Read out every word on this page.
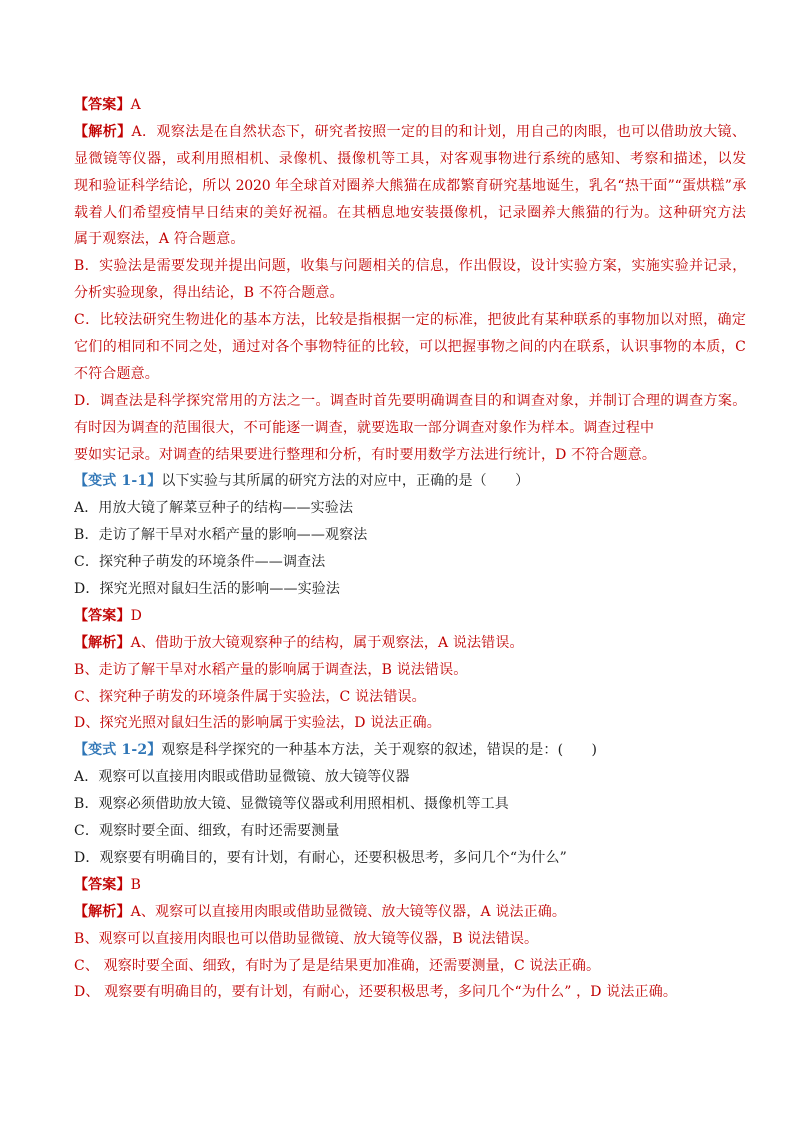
【答案】A
【解析】A．观察法是在自然状态下，研究者按照一定的目的和计划，用自己的肉眼，也可以借助放大镜、
显微镜等仪器，或利用照相机、录像机、摄像机等工具，对客观事物进行系统的感知、考察和描述，以发
现和验证科学结论，所以 2020 年全球首对圈养大熊猫在成都繁育研究基地诞生，乳名“热干面”“蛋烘糕”承
载着人们希望疫情早日结束的美好祝福。在其栖息地安装摄像机，记录圈养大熊猫的行为。这种研究方法
属于观察法，A 符合题意。
B．实验法是需要发现并提出问题，收集与问题相关的信息，作出假设，设计实验方案，实施实验并记录，
分析实验现象，得出结论，B 不符合题意。
C．比较法研究生物进化的基本方法，比较是指根据一定的标准，把彼此有某种联系的事物加以对照，确定
它们的相同和不同之处，通过对各个事物特征的比较，可以把握事物之间的内在联系，认识事物的本质，C
不符合题意。
D．调查法是科学探究常用的方法之一。调查时首先要明确调查目的和调查对象，并制订合理的调查方案。
有时因为调查的范围很大，不可能逐一调查，就要选取一部分调查对象作为样本。调查过程中
要如实记录。对调查的结果要进行整理和分析，有时要用数学方法进行统计，D 不符合题意。
【变式 1-1】以下实验与其所属的研究方法的对应中，正确的是（　　）
A．用放大镜了解菜豆种子的结构——实验法
B．走访了解干旱对水稻产量的影响——观察法
C．探究种子萌发的环境条件——调查法
D．探究光照对鼠妇生活的影响——实验法
【答案】D
【解析】A、借助于放大镜观察种子的结构，属于观察法，A 说法错误。
B、走访了解干旱对水稻产量的影响属于调查法，B 说法错误。
C、探究种子萌发的环境条件属于实验法，C 说法错误。
D、探究光照对鼠妇生活的影响属于实验法，D 说法正确。
【变式 1-2】观察是科学探究的一种基本方法，关于观察的叙述，错误的是：(　　)
A．观察可以直接用肉眼或借助显微镜、放大镜等仪器
B．观察必须借助放大镜、显微镜等仪器或利用照相机、摄像机等工具
C．观察时要全面、细致，有时还需要测量
D．观察要有明确目的，要有计划，有耐心，还要积极思考，多问几个“为什么”
【答案】B
【解析】A、观察可以直接用肉眼或借助显微镜、放大镜等仪器，A 说法正确。
B、观察可以直接用肉眼也可以借助显微镜、放大镜等仪器，B 说法错误。
C、 观察时要全面、细致，有时为了是是结果更加准确，还需要测量，C 说法正确。
D、 观察要有明确目的，要有计划，有耐心，还要积极思考，多问几个“为什么” ，D 说法正确。
